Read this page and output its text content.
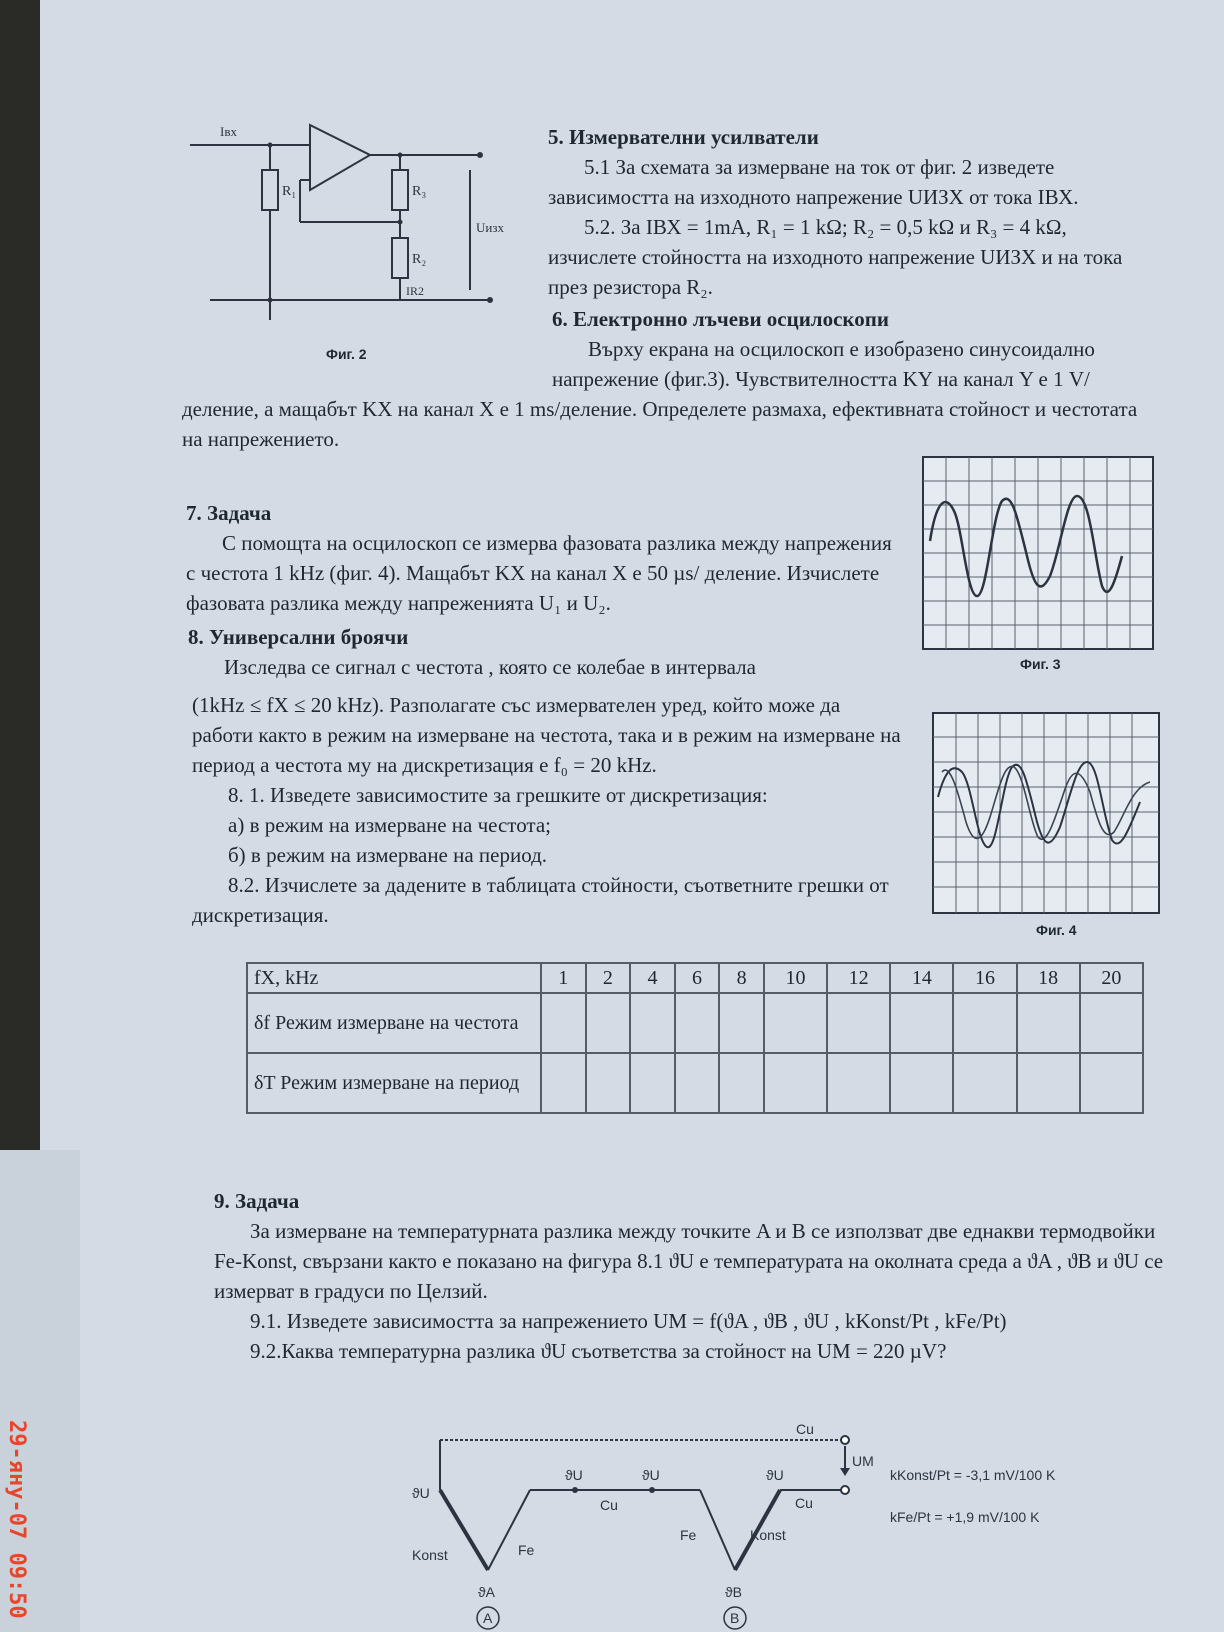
Iвх
R₁	R₃
R₂
IR2
Uизх
Фиг. 2
5. Измервателни усилватели

5.1 За схемата за измерване на ток от фиг. 2 изведете зависимостта на изходното напрежение UИЗХ от тока IВХ.

5.2. За IВХ = 1mA, R₁ = 1 kΩ; R₂ = 0,5 kΩ и R₃ = 4 kΩ, изчислете стойността на изходното напрежение UИЗХ и на тока през резистора R₂.

6. Електронно лъчеви осцилоскопи

Върху екрана на осцилоскоп е изобразено синусоидално напрежение (фиг.3). Чувствителността KY на канал Y е 1 V/

деление, а мащабът KX на канал X е 1 ms/деление. Определете размаха, ефективната стойност и честотата на напрежението.

Фиг. 3
7. Задача

С помощта на осцилоскоп се измерва фазовата разлика между напрежения с честота 1 kHz (фиг. 4). Мащабът KX на канал X е 50 µs/ деление. Изчислете фазовата разлика между напреженията U₁ и U₂.

8. Универсални броячи

Изследва се сигнал с честота , която се колебае в интервала

(1kHz ≤ fX ≤ 20 kHz). Разполагате със измервателен уред, който може да работи както в режим на измерване на честота, така и в режим на измерване на период а честота му на дискретизация е f₀ = 20 kHz.

8. 1. Изведете зависимостите за грешките от дискретизация:

а) в режим на измерване на честота;

б) в режим на измерване на период.

8.2. Изчислете за дадените в таблицата стойности, съответните грешки от дискретизация.

Фиг. 4
fX, kHz	1	2	4	6	8	10	12	14	16	18	20
δf Режим измерване на честота											
δT Режим измерване на период											
9. Задача

За измерване на температурната разлика между точките A и B се използват две еднакви термодвойки Fe-Konst, свързани както е показано на фигура 8.1 ϑU е температурата на околната среда а ϑA , ϑB и ϑU се измерват в градуси по Целзий.

9.1. Изведете зависимостта за напрежението UM = f(ϑA , ϑB , ϑU , kKonst/Pt , kFe/Pt)

9.2.Каква температурна разлика ϑU съответства за стойност на UM = 220 µV?

Cu
UM
ϑU
ϑU	ϑU
Cu
ϑU
Cu
Konst	Fe
Fe	Konst
ϑA	ϑB
A	B
kKonst/Pt = -3,1 mV/100 K
kFe/Pt = +1,9 mV/100 K
29-яну-07 09:50
